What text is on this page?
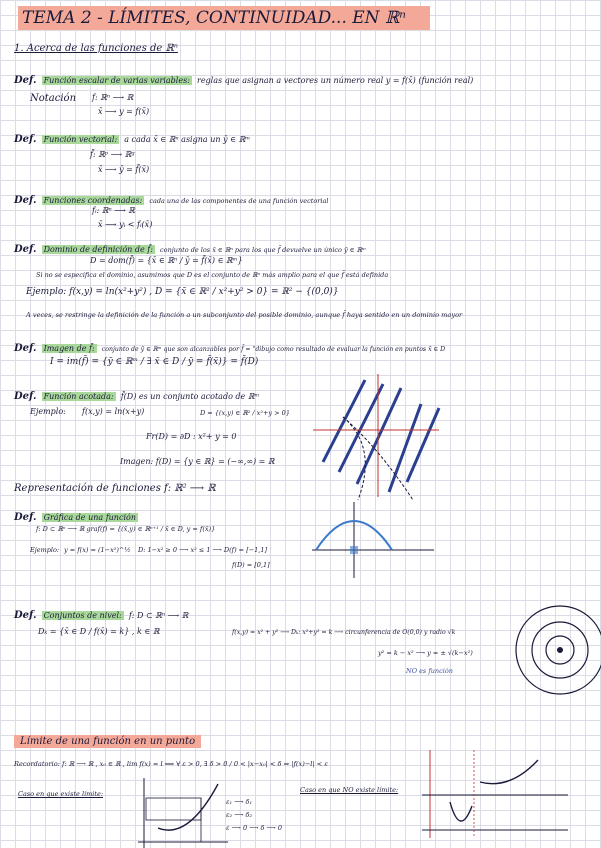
TEMA 2 - LÍMITES, CONTINUIDAD... EN ℝⁿ
1. Acerca de las funciones de ℝⁿ
Def. Función escalar de varias variables: reglas que asignan a vectores un número real y = f(x̄) (función real)
Notación f: ℝⁿ ⟶ ℝ
x̄ ⟶ y = f(x̄)
Def. Función vectorial: a cada x̄ ∈ ℝⁿ asigna un ȳ ∈ ℝᵐ
f̄: ℝᵖ ⟶ ℝᵍ
x̄ ⟶ ȳ = f̄(x̄)
Def. Funciones coordenadas: cada una de las componentes de una función vectorial
fᵢ: ℝⁿ ⟶ ℝ
x̄ ⟶ yᵢ < fᵢ(x̄)
Def. Dominio de definición de f̄: conjunto de los x̄ ∈ ℝⁿ para los que f̄ devuelve un único ȳ ∈ ℝᵐ
D = dom(f̄) = {x̄ ∈ ℝⁿ / ȳ = f̄(x̄) ∈ ℝᵐ}
Si no se especifica el dominio, asumimos que D es el conjunto de ℝⁿ más amplio para el que f̄ está definida
Ejemplo: f(x,y) = ln(x²+y²) , D = {x̄ ∈ ℝ² / x²+y² > 0} = ℝ² − {(0,0)}
A veces, se restringe la definición de la función a un subconjunto del posible dominio, aunque f̄ haya sentido en un dominio mayor
Def. Imagen de f̄: conjunto de ȳ ∈ ℝᵐ que son alcanzables por f̄ = "dibujo como resultado de evaluar la función en puntos x̄ ∈ D
I = im(f̄) = {ȳ ∈ ℝᵐ / ∃ x̄ ∈ D / ȳ = f̄(x̄)} = f̄(D)
Def. Función acotada: f̄(D) es un conjunto acotado de ℝᵐ
Ejemplo: f(x,y) = ln(x+y)	D = {(x,y) ∈ ℝ² / x²+y > 0}
Fr(D) = ∂D : x²+ y = 0
Imagen: f(D) = {y ∈ ℝ} = (−∞,∞) = ℝ
Representación de funciones f: ℝ² ⟶ ℝ
Def. Gráfica de una función
f: D ⊂ ℝⁿ ⟶ ℝ graf(f) = {(x̄,y) ∈ ℝⁿ⁺¹ / x̄ ∈ D, y = f(x̄)}
Ejemplo: y = f(x) = (1−x²)^½ D: 1−x² ≥ 0 ⟶ x² ≤ 1 ⟶ D(f) = [−1,1]
f(D) = [0,1]
Def. Conjuntos de nivel: f: D ⊂ ℝⁿ ⟶ ℝ
Dₖ = {x̄ ∈ D / f(x̄) = k} , k ∈ ℝ	f(x,y) = x² + y² ⟶ Dₖ: x²+y² = k ⟶ circunferencia de O(0,0) y radio √k
y² = k − x² ⟶ y = ± √(k−x²)
NO es función
Límite de una función en un punto
Recordatorio: f: ℝ ⟶ ℝ , x₀ ∈ ℝ , lim f(x) = l ⟺ ∀ ε > 0, ∃ δ > 0 / 0 < |x−x₀| < δ ⇒ |f(x)−l| < ε
Caso en que existe límite:	Caso en que NO existe límite:
ε₁ ⟶ δ₁
ε₂ ⟶ δ₂
ε ⟶ 0 ⟶ δ ⟶ 0
